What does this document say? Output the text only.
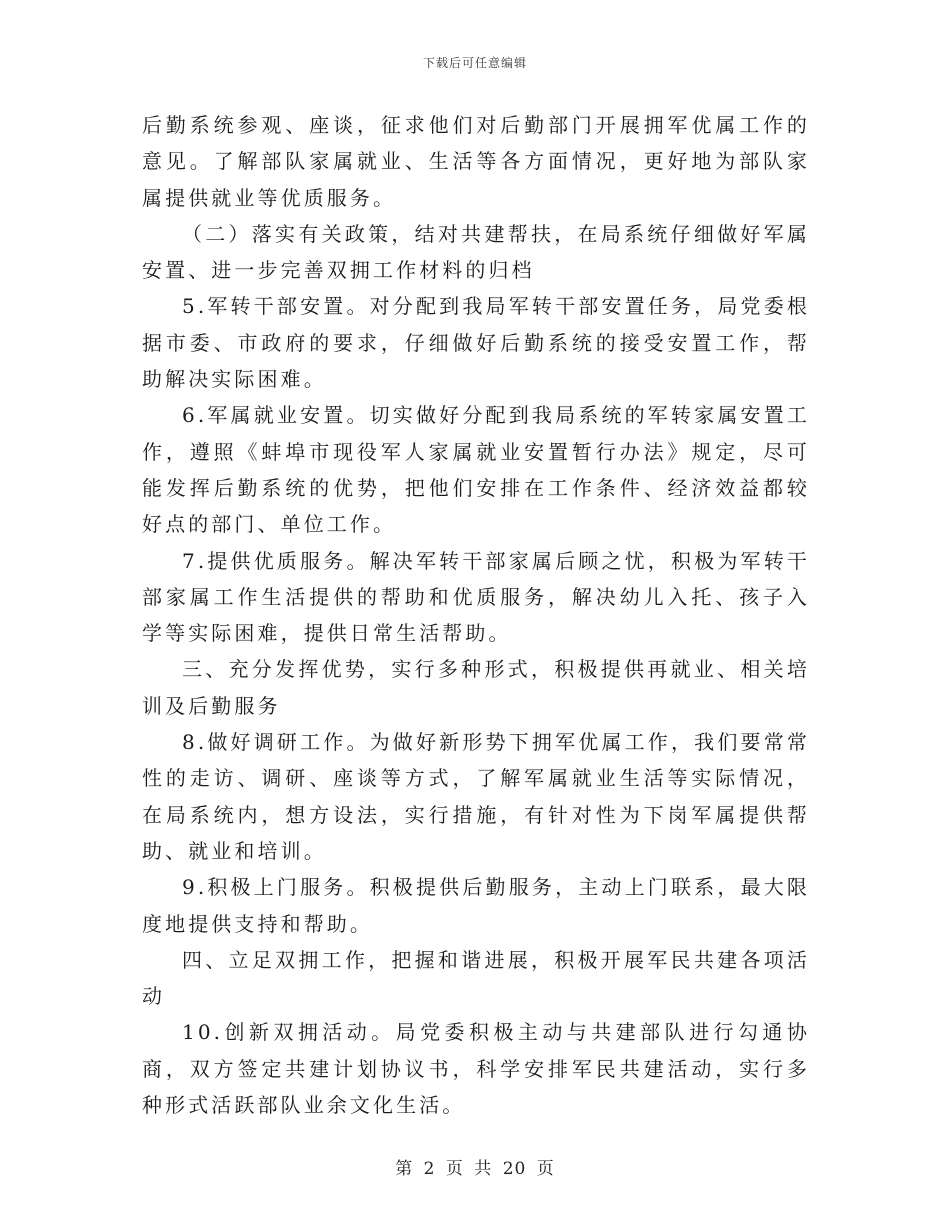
下载后可任意编辑

后勤系统参观、座谈，征求他们对后勤部门开展拥军优属工作的意见。了解部队家属就业、生活等各方面情况，更好地为部队家属提供就业等优质服务。

（二）落实有关政策，结对共建帮扶，在局系统仔细做好军属安置、进一步完善双拥工作材料的归档

5.军转干部安置。对分配到我局军转干部安置任务，局党委根据市委、市政府的要求，仔细做好后勤系统的接受安置工作，帮助解决实际困难。

6.军属就业安置。切实做好分配到我局系统的军转家属安置工作，遵照《蚌埠市现役军人家属就业安置暂行办法》规定，尽可能发挥后勤系统的优势，把他们安排在工作条件、经济效益都较好点的部门、单位工作。

7.提供优质服务。解决军转干部家属后顾之忧，积极为军转干部家属工作生活提供的帮助和优质服务，解决幼儿入托、孩子入学等实际困难，提供日常生活帮助。

三、充分发挥优势，实行多种形式，积极提供再就业、相关培训及后勤服务

8.做好调研工作。为做好新形势下拥军优属工作，我们要常常性的走访、调研、座谈等方式，了解军属就业生活等实际情况，在局系统内，想方设法，实行措施，有针对性为下岗军属提供帮助、就业和培训。

9.积极上门服务。积极提供后勤服务，主动上门联系，最大限度地提供支持和帮助。

四、立足双拥工作，把握和谐进展，积极开展军民共建各项活动

10.创新双拥活动。局党委积极主动与共建部队进行勾通协商，双方签定共建计划协议书，科学安排军民共建活动，实行多种形式活跃部队业余文化生活。

第 2 页 共 20 页
